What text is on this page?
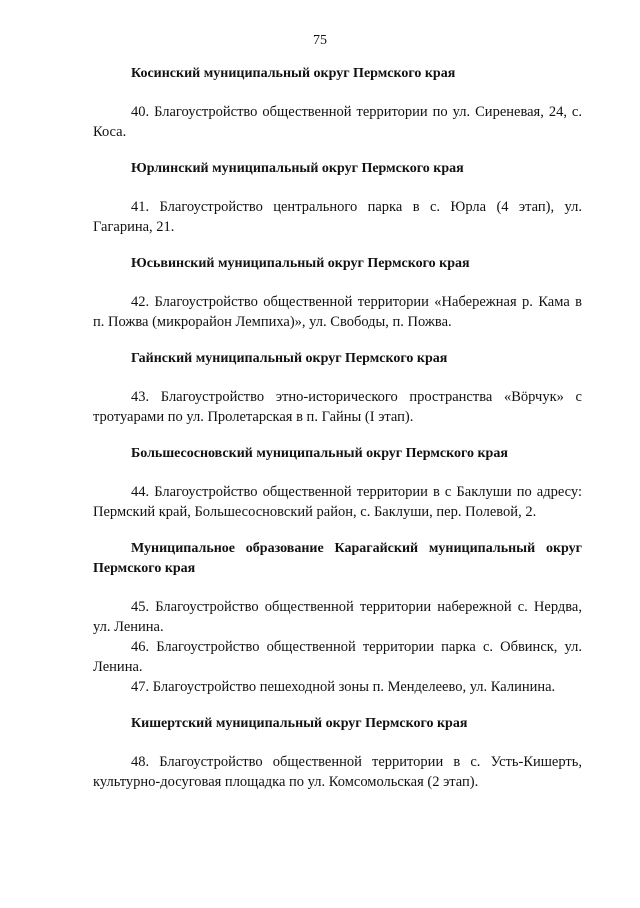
75

Косинский муниципальный округ Пермского края

40. Благоустройство общественной территории по ул. Сиреневая, 24, с. Коса.

Юрлинский муниципальный округ Пермского края

41. Благоустройство центрального парка в с. Юрла (4 этап), ул. Гагарина, 21.

Юсьвинский муниципальный округ Пермского края

42. Благоустройство общественной территории «Набережная р. Кама в п. Пожва (микрорайон Лемпиха)», ул. Свободы, п. Пожва.

Гайнский муниципальный округ Пермского края

43. Благоустройство этно-исторического пространства «Вӧрчук» с тротуарами по ул. Пролетарская в п. Гайны (I этап).

Большесосновский муниципальный округ Пермского края

44. Благоустройство общественной территории в с Баклуши по адресу: Пермский край, Большесосновский район, с. Баклуши, пер. Полевой, 2.

Муниципальное образование Карагайский муниципальный округ Пермского края

45. Благоустройство общественной территории набережной с. Нердва, ул. Ленина.

46. Благоустройство общественной территории парка с. Обвинск, ул. Ленина.

47. Благоустройство пешеходной зоны п. Менделеево, ул. Калинина.

Кишертский муниципальный округ Пермского края

48. Благоустройство общественной территории в с. Усть-Кишерть, культурно-досуговая площадка по ул. Комсомольская (2 этап).
